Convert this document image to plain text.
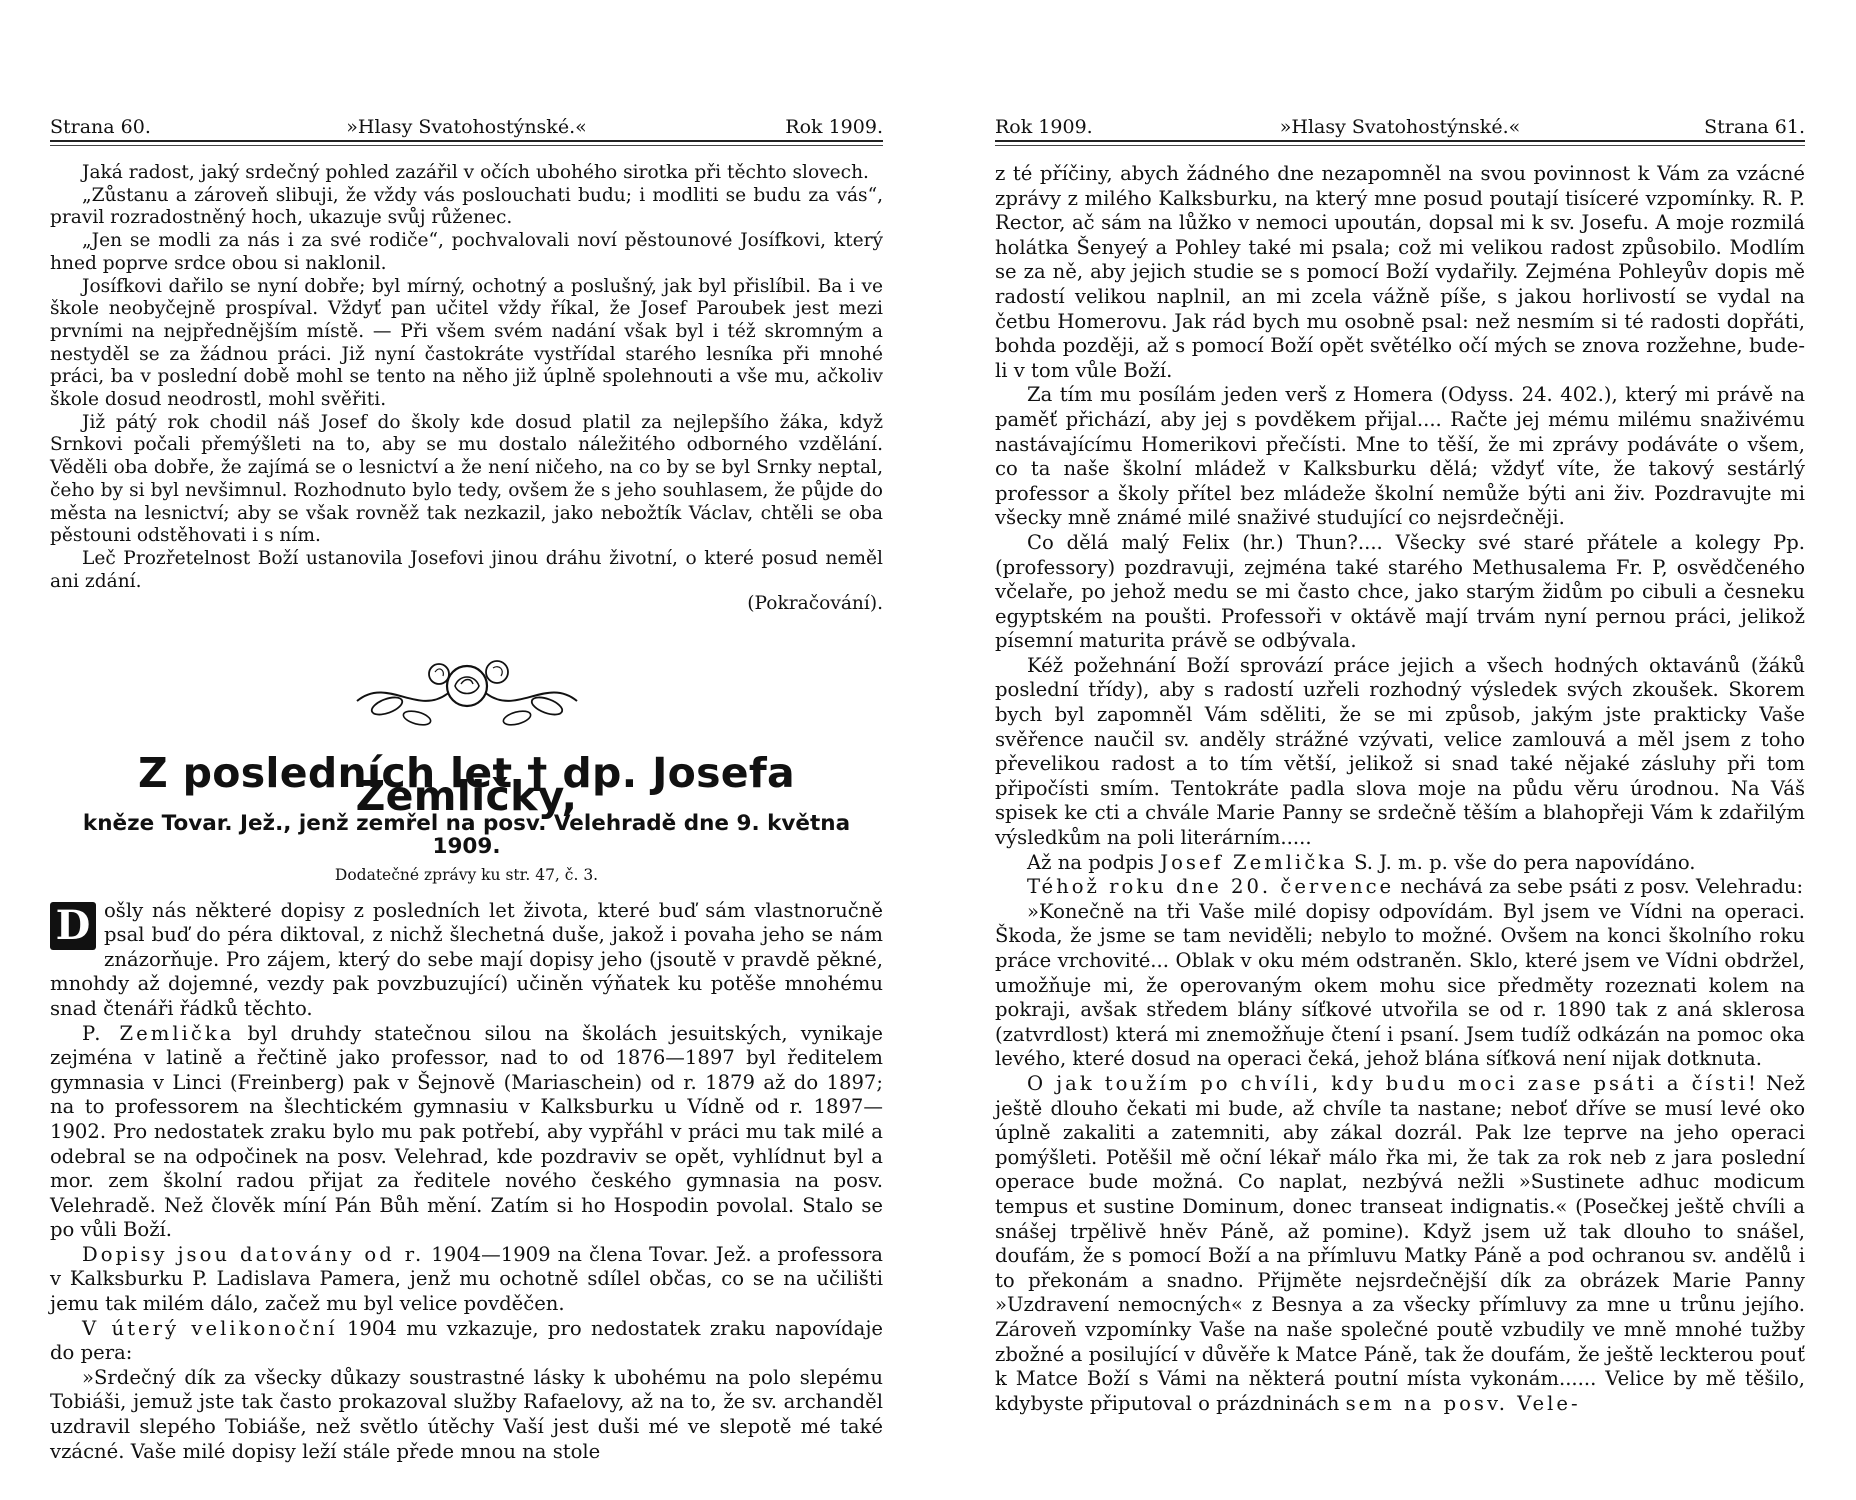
Strana 60.	»Hlasy Svatohostýnské.«	Rok 1909.

Jaká radost, jaký srdečný pohled zazářil v očích ubohého sirotka při těchto slovech.

„Zůstanu a zároveň slibuji, že vždy vás poslouchati budu; i modliti se budu za vás“, pravil rozradostněný hoch, ukazuje svůj růženec.

„Jen se modli za nás i za své rodiče“, pochvalovali noví pěstounové Josífkovi, který hned poprve srdce obou si naklonil.

Josífkovi dařilo se nyní dobře; byl mírný, ochotný a poslušný, jak byl přislíbil. Ba i ve škole neobyčejně prospíval. Vždyť pan učitel vždy říkal, že Josef Paroubek jest mezi prvními na nejpřednějším místě. — Při všem svém nadání však byl i též skromným a nestyděl se za žádnou práci. Již nyní častokráte vystřídal starého lesníka při mnohé práci, ba v poslední době mohl se tento na něho již úplně spolehnouti a vše mu, ačkoliv škole dosud neodrostl, mohl svěřiti.

Již pátý rok chodil náš Josef do školy kde dosud platil za nejlepšího žáka, když Srnkovi počali přemýšleti na to, aby se mu dostalo náležitého odborného vzdělání. Věděli oba dobře, že zajímá se o lesnictví a že není ničeho, na co by se byl Srnky neptal, čeho by si byl nevšimnul. Rozhodnuto bylo tedy, ovšem že s jeho souhlasem, že půjde do města na lesnictví; aby se však rovněž tak nezkazil, jako nebožtík Václav, chtěli se oba pěstouni odstěhovati i s ním.

Leč Prozřetelnost Boží ustanovila Josefovi jinou dráhu životní, o které posud neměl ani zdání.

(Pokračování).
Z posledních let † dp. Josefa Zemličky,
kněze Tovar. Jež., jenž zemřel na posv. Velehradě dne 9. května 1909.
Dodatečné zprávy ku str. 47, č. 3.

D ošly nás některé dopisy z posledních let života, které buď sám vlastnoručně psal buď do péra diktoval, z nichž šlechetná duše, jakož i povaha jeho se nám znázorňuje. Pro zájem, který do sebe mají dopisy jeho (jsoutě v pravdě pěkné, mnohdy až dojemné, vezdy pak povzbuzující) učiněn výňatek ku potěše mnohému snad čtenáři řádků těchto.

P. Zemlička byl druhdy statečnou silou na školách jesuitských, vynikaje zejména v latině a řečtině jako professor, nad to od 1876—1897 byl ředitelem gymnasia v Linci (Freinberg) pak v Šejnově (Mariaschein) od r. 1879 až do 1897; na to professorem na šlechtickém gymnasiu v Kalksburku u Vídně od r. 1897—1902. Pro nedostatek zraku bylo mu pak potřebí, aby vypřáhl v práci mu tak milé a odebral se na odpočinek na posv. Velehrad, kde pozdraviv se opět, vyhlídnut byl a mor. zem školní radou přijat za ředitele nového českého gymnasia na posv. Velehradě. Než člověk míní Pán Bůh mění. Zatím si ho Hospodin povolal. Stalo se po vůli Boží.

Dopisy jsou datovány od r. 1904—1909 na člena Tovar. Jež. a professora v Kalksburku P. Ladislava Pamera, jenž mu ochotně sdílel občas, co se na učilišti jemu tak milém dálo, začež mu byl velice povděčen.

V úterý velikonoční 1904 mu vzkazuje, pro nedostatek zraku napovídaje do pera:

»Srdečný dík za všecky důkazy soustrastné lásky k ubohému na polo slepému Tobiáši, jemuž jste tak často prokazoval služby Rafaelovy, až na to, že sv. archanděl uzdravil slepého Tobiáše, než světlo útěchy Vaší jest duši mé ve slepotě mé také vzácné. Vaše milé dopisy leží stále přede mnou na stole

Rok 1909.	»Hlasy Svatohostýnské.«	Strana 61.

z té příčiny, abych žádného dne nezapomněl na svou povinnost k Vám za vzácné zprávy z milého Kalksburku, na který mne posud poutají tisíceré vzpomínky. R. P. Rector, ač sám na lůžko v nemoci upoután, dopsal mi k sv. Josefu. A moje rozmilá holátka Šenyeý a Pohley také mi psala; což mi velikou radost způsobilo. Modlím se za ně, aby jejich studie se s pomocí Boží vydařily. Zejména Pohleyův dopis mě radostí velikou naplnil, an mi zcela vážně píše, s jakou horlivostí se vydal na četbu Homerovu. Jak rád bych mu osobně psal: než nesmím si té radosti dopřáti, bohda později, až s pomocí Boží opět světélko očí mých se znova rozžehne, bude-li v tom vůle Boží.

Za tím mu posílám jeden verš z Homera (Odyss. 24. 402.), který mi právě na paměť přichází, aby jej s povděkem přijal.... Račte jej mému milému snaživému nastávajícímu Homerikovi přečísti. Mne to těší, že mi zprávy podáváte o všem, co ta naše školní mládež v Kalksburku dělá; vždyť víte, že takový sestárlý professor a školy přítel bez mládeže školní nemůže býti ani živ. Pozdravujte mi všecky mně známé milé snaživé studující co nejsrdečněji.

Co dělá malý Felix (hr.) Thun?.... Všecky své staré přátele a kolegy Pp. (professory) pozdravuji, zejména také starého Methusalema Fr. P, osvědčeného včelaře, po jehož medu se mi často chce, jako starým židům po cibuli a česneku egyptském na poušti. Professoři v oktávě mají trvám nyní pernou práci, jelikož písemní maturita právě se odbývala.

Kéž požehnání Boží sprovází práce jejich a všech hodných oktavánů (žáků poslední třídy), aby s radostí uzřeli rozhodný výsledek svých zkoušek. Skorem bych byl zapomněl Vám sděliti, že se mi způsob, jakým jste prakticky Vaše svěřence naučil sv. anděly strážné vzývati, velice zamlouvá a měl jsem z toho převelikou radost a to tím větší, jelikož si snad také nějaké zásluhy při tom připočísti smím. Tentokráte padla slova moje na půdu věru úrodnou. Na Váš spisek ke cti a chvále Marie Panny se srdečně těším a blahopřeji Vám k zdařilým výsledkům na poli literárním.....

Až na podpis Josef Zemlička S. J. m. p. vše do pera napovídáno.

Téhož roku dne 20. července nechává za sebe psáti z posv. Velehradu:

»Konečně na tři Vaše milé dopisy odpovídám. Byl jsem ve Vídni na operaci. Škoda, že jsme se tam neviděli; nebylo to možné. Ovšem na konci školního roku práce vrchovité... Oblak v oku mém odstraněn. Sklo, které jsem ve Vídni obdržel, umožňuje mi, že operovaným okem mohu sice předměty rozeznati kolem na pokraji, avšak středem blány síťkové utvořila se od r. 1890 tak z aná sklerosa (zatvrdlost) která mi znemožňuje čtení i psaní. Jsem tudíž odkázán na pomoc oka levého, které dosud na operaci čeká, jehož blána síťková není nijak dotknuta.

O jak toužím po chvíli, kdy budu moci zase psáti a čísti! Než ještě dlouho čekati mi bude, až chvíle ta nastane; neboť dříve se musí levé oko úplně zakaliti a zatemniti, aby zákal dozrál. Pak lze teprve na jeho operaci pomýšleti. Potěšil mě oční lékař málo řka mi, že tak za rok neb z jara poslední operace bude možná. Co naplat, nezbývá nežli »Sustinete adhuc modicum tempus et sustine Dominum, donec transeat indignatis.« (Posečkej ještě chvíli a snášej trpělivě hněv Páně, až pomine). Když jsem už tak dlouho to snášel, doufám, že s pomocí Boží a na přímluvu Matky Páně a pod ochranou sv. andělů i to překonám a snadno. Přijměte nejsrdečnější dík za obrázek Marie Panny »Uzdravení nemocných« z Besnya a za všecky přímluvy za mne u trůnu jejího. Zároveň vzpomínky Vaše na naše společné poutě vzbudily ve mně mnohé tužby zbožné a posilující v důvěře k Matce Páně, tak že doufám, že ještě leckterou pouť k Matce Boží s Vámi na některá poutní místa vykonám...... Velice by mě těšilo, kdybyste připutoval o prázdninách sem na posv. Vele-
